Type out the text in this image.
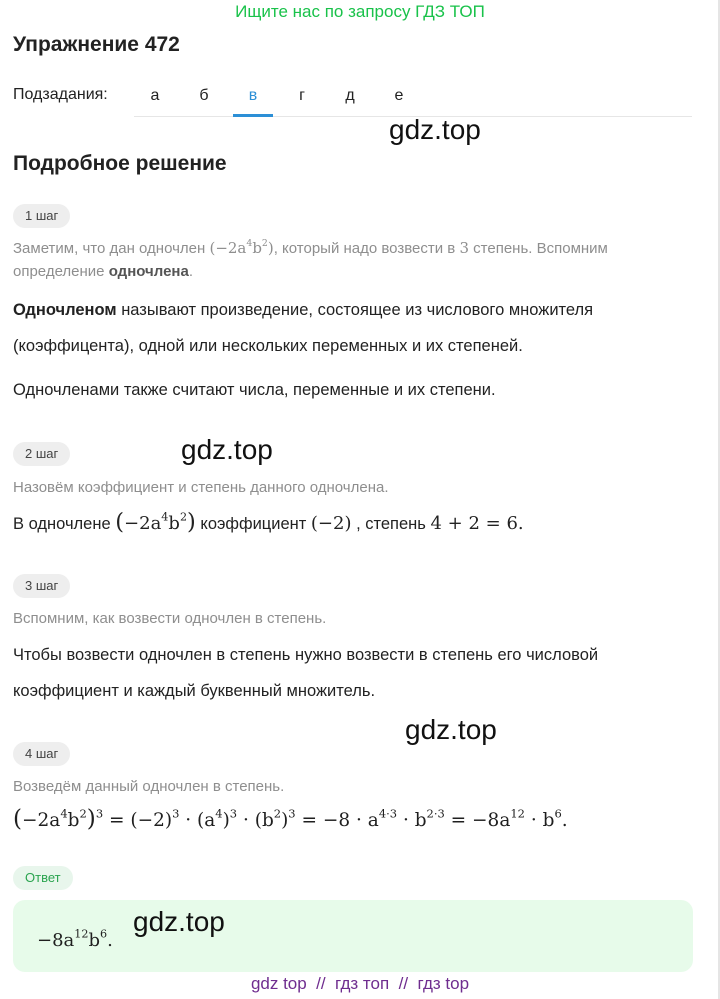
Ищите нас по запросу ГДЗ ТОП
Упражнение 472
Подзадания:	а	б	в	г	д	е
gdz.top
Подробное решение
1 шаг
Заметим, что дан одночлен $(-2a^4b^2)$, который надо возвести в 3 степень. Вспомним
определение одночлена.
Одночленом называют произведение, состоящее из числового множителя
(коэффицента), одной или нескольких переменных и их степеней.
Одночленами также считают числа, переменные и их степени.
gdz.top
2 шаг
Назовём коэффициент и степень данного одночлена.
В одночлене $(-2a^4b^2)$ коэффициент (−2) , степень 4 + 2 = 6.
3 шаг
Вспомним, как возвести одночлен в степень.
Чтобы возвести одночлен в степень нужно возвести в степень его числовой
коэффициент и каждый буквенный множитель.
gdz.top
4 шаг
Возведём данный одночлен в степень.
$(-2a^4b^2)^3 = (-2)^3 \cdot (a^4)^3 \cdot (b^2)^3 = -8 \cdot a^{4\cdot 3} \cdot b^{2\cdot 3} = -8a^{12} \cdot b^6$.
Ответ
$-8a^{12}b^6$.
gdz.top
gdz top  //  гдз топ  //  гдз top
